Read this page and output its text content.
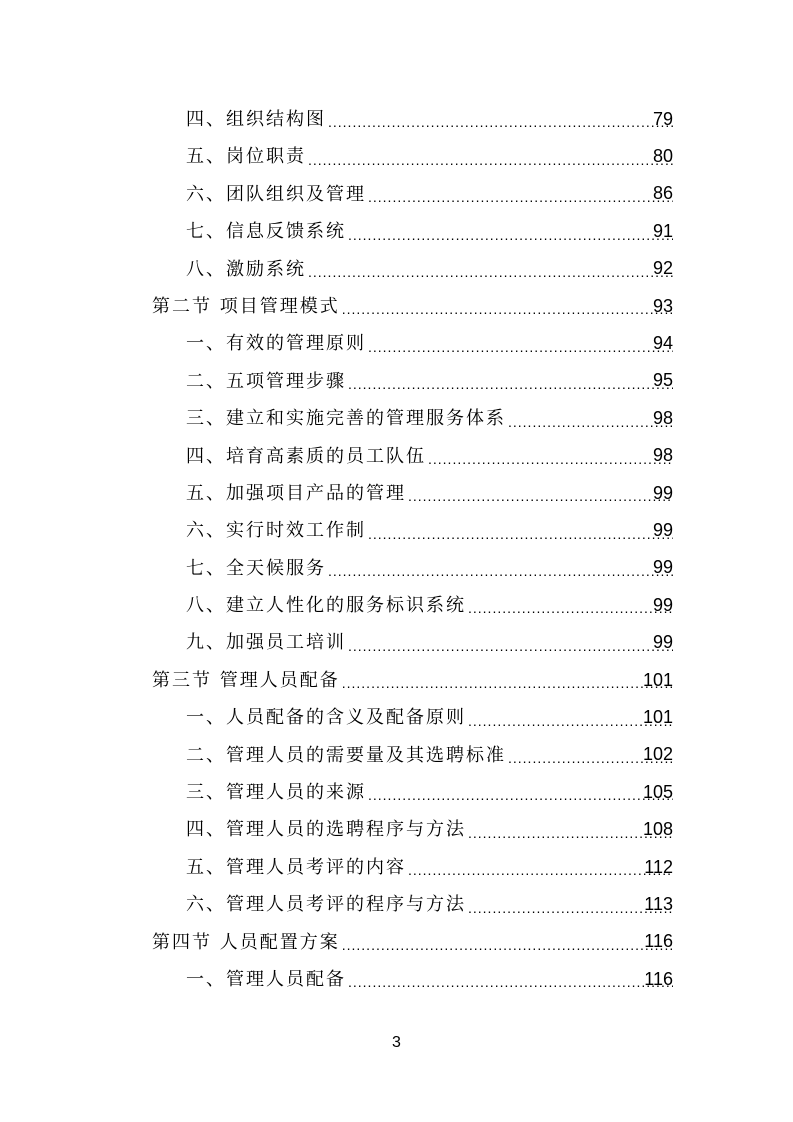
四、组织结构图 .....	79
五、岗位职责 .....	80
六、团队组织及管理 .....	86
七、信息反馈系统 .....	91
八、激励系统 .....	92
第二节 项目管理模式 .....	93
一、有效的管理原则 .....	94
二、五项管理步骤 .....	95
三、建立和实施完善的管理服务体系 .....	98
四、培育高素质的员工队伍 .....	98
五、加强项目产品的管理 .....	99
六、实行时效工作制 .....	99
七、全天候服务 .....	99
八、建立人性化的服务标识系统 .....	99
九、加强员工培训 .....	99
第三节 管理人员配备 .....	101
一、人员配备的含义及配备原则 .....	101
二、管理人员的需要量及其选聘标准 .....	102
三、管理人员的来源 .....	105
四、管理人员的选聘程序与方法 .....	108
五、管理人员考评的内容 .....	112
六、管理人员考评的程序与方法 .....	113
第四节 人员配置方案 .....	116
一、管理人员配备 .....	116
3
